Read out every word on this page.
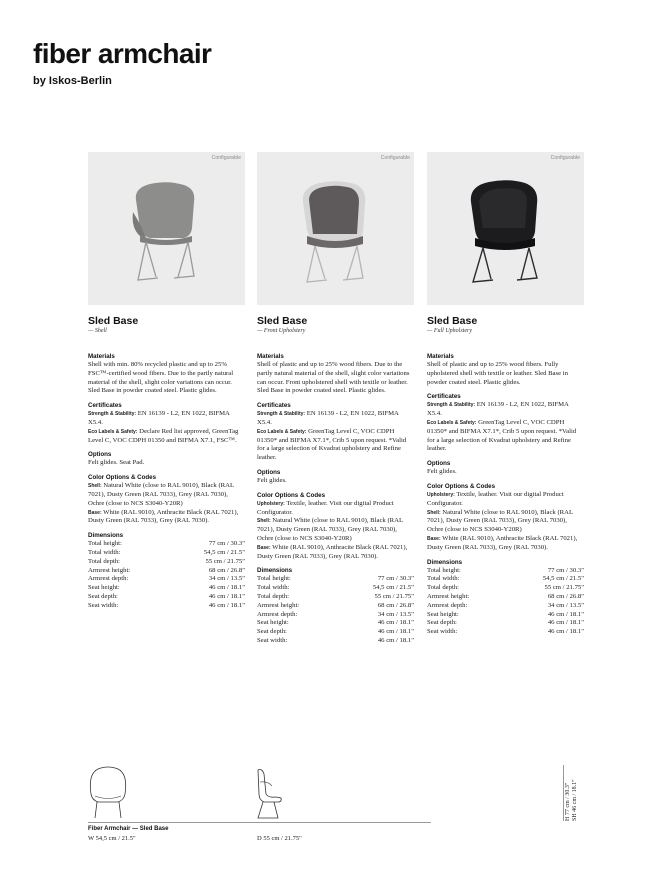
fiber armchair
by Iskos-Berlin
Configurable
Sled Base
— Shell
Materials
Shell with min. 80% recycled plastic and up to 25% FSC™-certified wood fibers. Due to the partly natural material of the shell, slight color variations can occur. Sled Base in powder coated steel. Plastic glides.
Certificates
Strength & Stability: EN 16139 - L2, EN 1022, BIFMA X5.4.
Eco Labels & Safety: Declare Red list approved, GreenTag Level C, VOC CDPH 01350 and BIFMA X7.1, FSC™.
Options
Felt glides. Seat Pad.
Color Options & Codes
Shell: Natural White (close to RAL 9010), Black (RAL 7021), Dusty Green (RAL 7033), Grey (RAL 7030), Ochre (close to NCS S3040-Y20R)
Base: White (RAL 9010), Anthracite Black (RAL 7021), Dusty Green (RAL 7033), Grey (RAL 7030).
Dimensions
Total height:	77 cm / 30.3"
Total width:	54,5 cm / 21.5"
Total depth:	55 cm / 21.75"
Armrest height:	68 cm / 26.8"
Armrest depth:	34 cm / 13.5"
Seat height:	46 cm / 18.1"
Seat depth:	46 cm / 18.1"
Seat width:	46 cm / 18.1"
Configurable
Sled Base
— Front Upholstery
Materials
Shell of plastic and up to 25% wood fibers. Due to the partly natural material of the shell, slight color variations can occur. Front upholstered shell with textile or leather. Sled Base in powder coated steel. Plastic glides.
Certificates
Strength & Stability: EN 16139 - L2, EN 1022, BIFMA X5.4.
Eco Labels & Safety: GreenTag Level C, VOC CDPH 01350* and BIFMA X7.1*, Crib 5 upon request. *Valid for a large selection of Kvadrat upholstery and Refine leather.
Options
Felt glides.
Color Options & Codes
Upholstery: Textile, leather. Visit our digital Product Configurator.
Shell: Natural White (close to RAL 9010), Black (RAL 7021), Dusty Green (RAL 7033), Grey (RAL 7030), Ochre (close to NCS S3040-Y20R)
Base: White (RAL 9010), Anthracite Black (RAL 7021), Dusty Green (RAL 7033), Grey (RAL 7030).
Dimensions
Total height:	77 cm / 30.3"
Total width:	54,5 cm / 21.5"
Total depth:	55 cm / 21.75"
Armrest height:	68 cm / 26.8"
Armrest depth:	34 cm / 13.5"
Seat height:	46 cm / 18.1"
Seat depth:	46 cm / 18.1"
Seat width:	46 cm / 18.1"
Configurable
Sled Base
— Full Upholstery
Materials
Shell of plastic and up to 25% wood fibers. Fully upholstered shell with textile or leather. Sled Base in powder coated steel. Plastic glides.
Certificates
Strength & Stability: EN 16139 - L2, EN 1022, BIFMA X5.4.
Eco Labels & Safety: GreenTag Level C, VOC CDPH 01350* and BIFMA X7.1*, Crib 5 upon request. *Valid for a large selection of Kvadrat upholstery and Refine leather.
Options
Felt glides.
Color Options & Codes
Upholstery: Textile, leather. Visit our digital Product Configurator.
Shell: Natural White (close to RAL 9010), Black (RAL 7021), Dusty Green (RAL 7033), Grey (RAL 7030), Ochre (close to NCS S3040-Y20R)
Base: White (RAL 9010), Anthracite Black (RAL 7021), Dusty Green (RAL 7033), Grey (RAL 7030).
Dimensions
Total height:	77 cm / 30.3"
Total width:	54,5 cm / 21.5"
Total depth:	55 cm / 21.75"
Armrest height:	68 cm / 26.8"
Armrest depth:	34 cm / 13.5"
Seat height:	46 cm / 18.1"
Seat depth:	46 cm / 18.1"
Seat width:	46 cm / 18.1"
Fiber Armchair — Sled Base
W 54,5 cm / 21.5"	D 55 cm / 21.75"
H 77 cm / 30.3" SH 46 cm / 18.1"
